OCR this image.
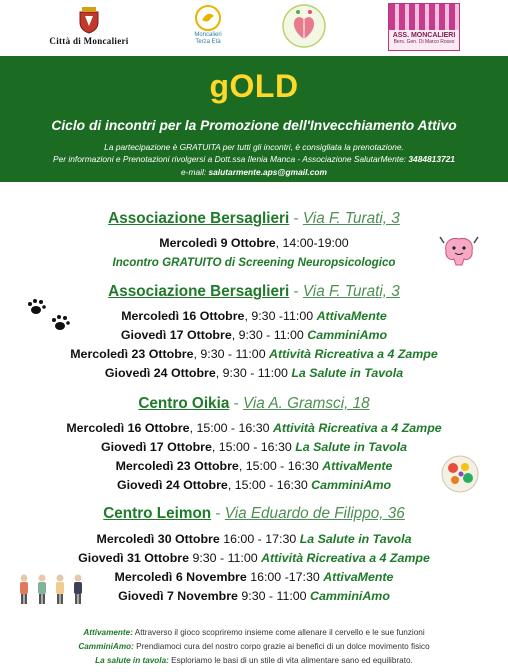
Città di Moncalieri
Moncalieri
Terza Età
ASS. MONCALIERI
Bers. Gen. Di Marco Rosso
gOLD
Ciclo di incontri per la Promozione dell'Invecchiamento Attivo
La partecipazione è GRATUITA per tutti gli incontri, è consigliata la prenotazione.
Per informazioni e Prenotazioni rivolgersi a Dott.ssa Ilenia Manca - Associazione SalutarMente: 3484813721
e-mail: salutarmente.aps@gmail.com
Associazione Bersaglieri - Via F. Turati, 3
Mercoledì 9 Ottobre, 14:00-19:00
Incontro GRATUITO di Screening Neuropsicologico
Associazione Bersaglieri - Via F. Turati, 3
Mercoledì 16 Ottobre, 9:30 -11:00 AttivaMente
Giovedì 17 Ottobre, 9:30 - 11:00 CamminiAmo
Mercoledì 23 Ottobre, 9:30 - 11:00 Attività Ricreativa a 4 Zampe
Giovedì 24 Ottobre, 9:30 - 11:00 La Salute in Tavola
Centro Oikia - Via A. Gramsci, 18
Mercoledì 16 Ottobre, 15:00 - 16:30 Attività Ricreativa a 4 Zampe
Giovedì 17 Ottobre, 15:00 - 16:30 La Salute in Tavola
Mercoledì 23 Ottobre, 15:00 - 16:30 AttivaMente
Giovedì 24 Ottobre, 15:00 - 16:30 CamminiAmo
Centro Leimon - Via Eduardo de Filippo, 36
Mercoledì 30 Ottobre 16:00 - 17:30 La Salute in Tavola
Giovedì 31 Ottobre 9:30 - 11:00 Attività Ricreativa a 4 Zampe
Mercoledì 6 Novembre 16:00 -17:30 AttivaMente
Giovedì 7 Novembre 9:30 - 11:00 CamminiAmo
Attivamente: Attraverso il gioco scopriremo insieme come allenare il cervello e le sue funzioni
CamminiAmo: Prendiamoci cura del nostro corpo grazie ai benefici di un dolce movimento fisico
La salute in tavola: Esploriamo le basi di un stile di vita alimentare sano ed equilibrato.
